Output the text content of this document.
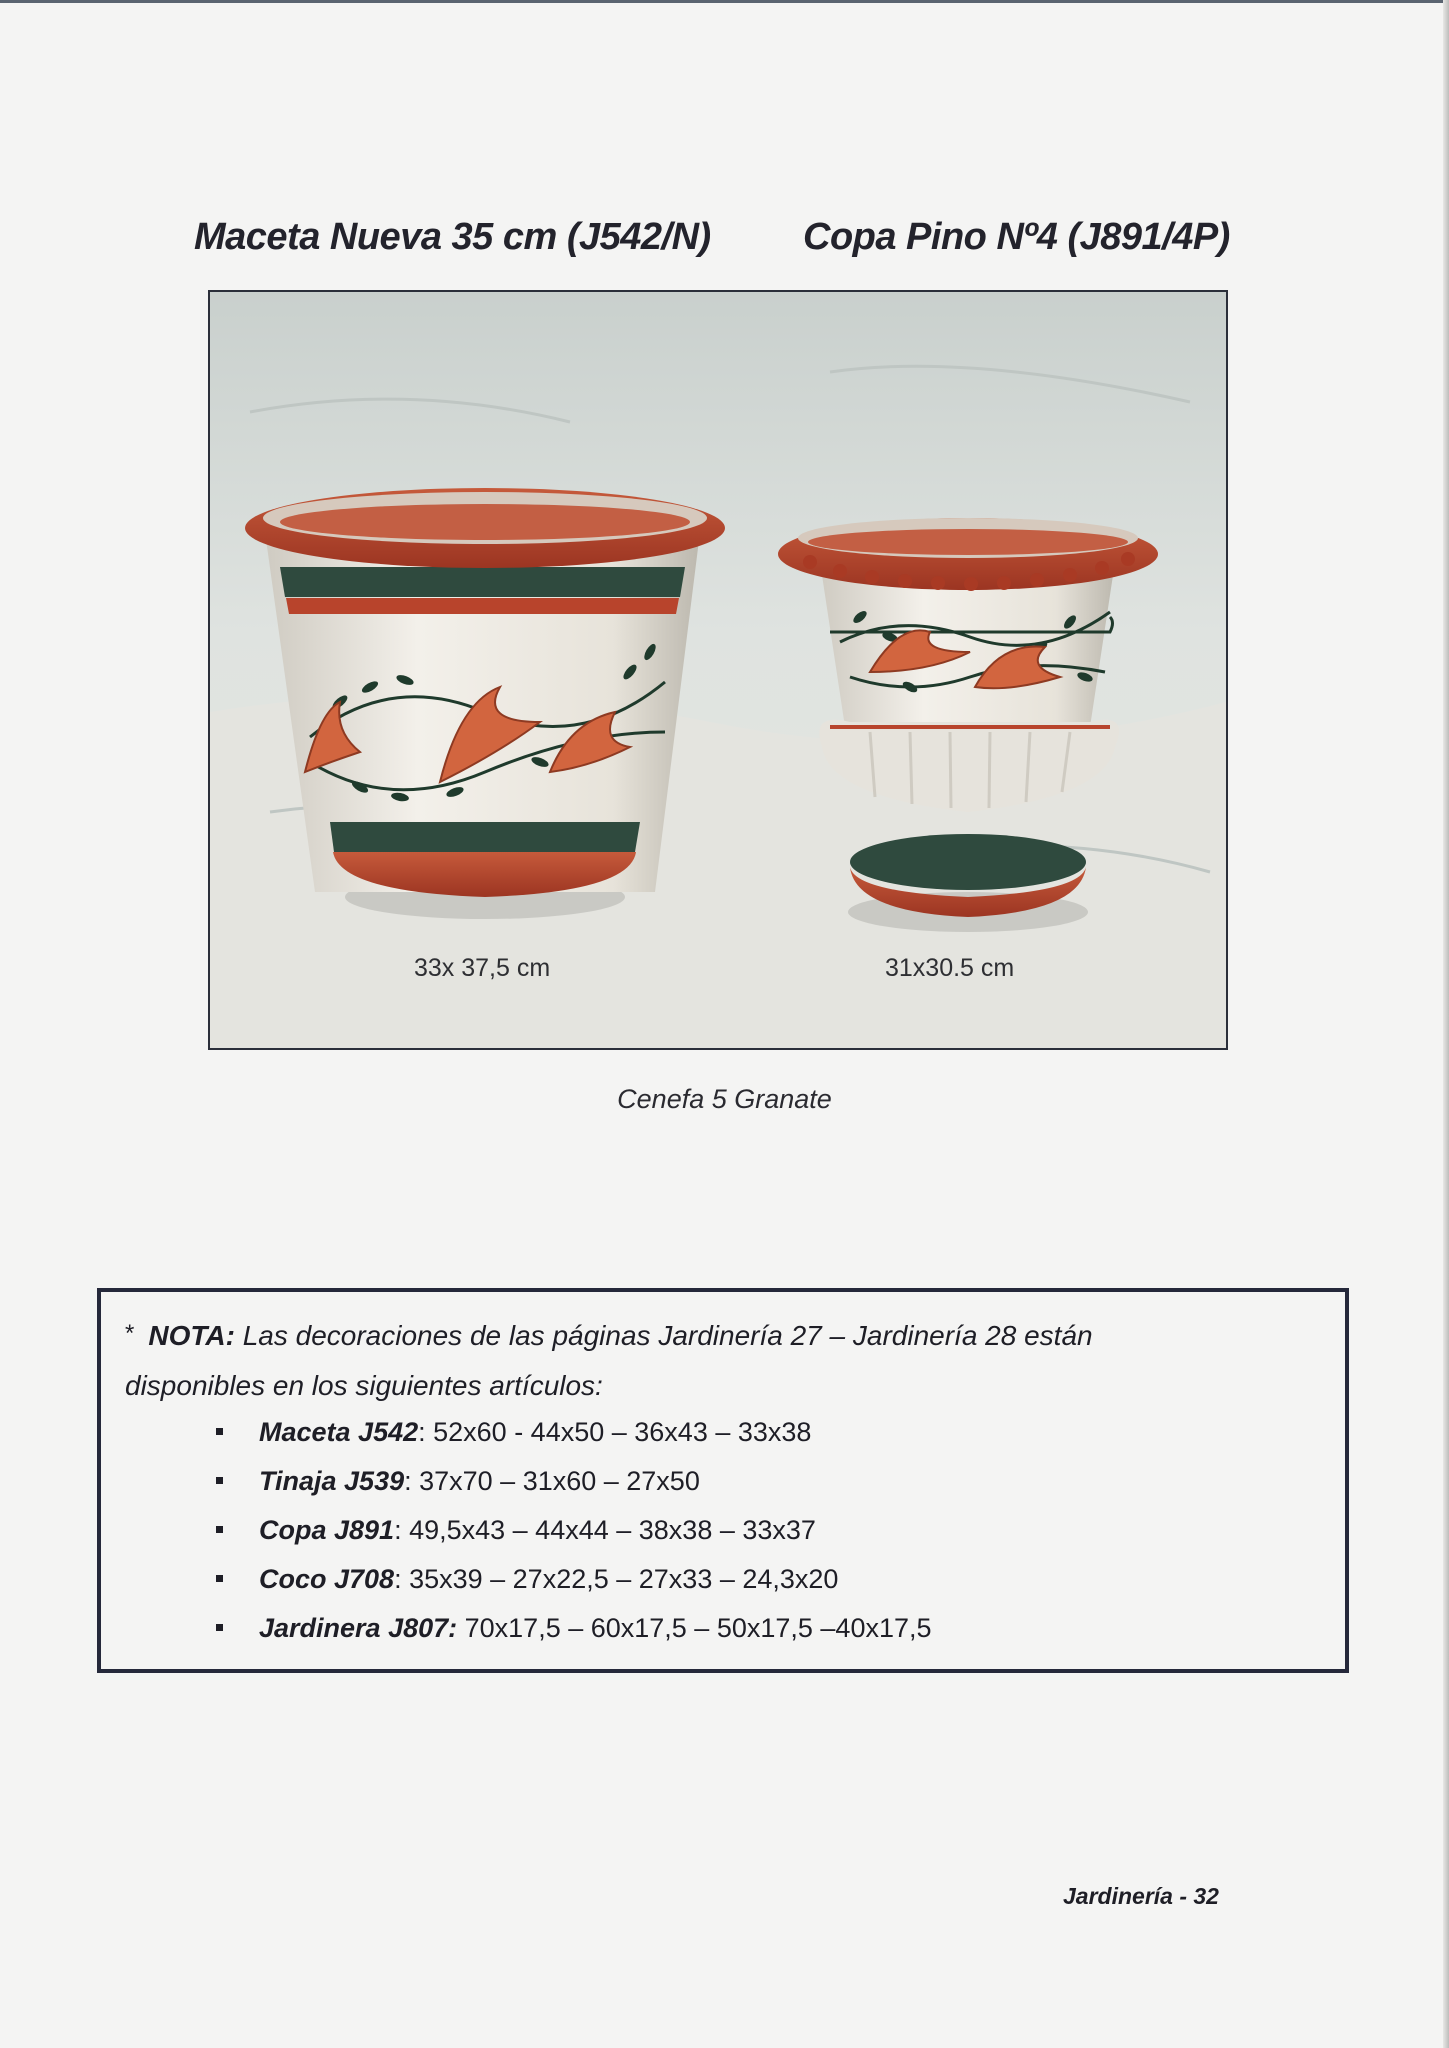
Maceta Nueva 35 cm (J542/N) Copa Pino Nº4 (J891/4P)
33x 37,5 cm	31x30.5 cm
Cenefa 5 Granate
* NOTA: Las decoraciones de las páginas Jardinería 27 – Jardinería 28 están
disponibles en los siguientes artículos:
Maceta J542: 52x60 - 44x50 – 36x43 – 33x38
Tinaja J539: 37x70 – 31x60 – 27x50
Copa J891: 49,5x43 – 44x44 – 38x38 – 33x37
Coco J708: 35x39 – 27x22,5 – 27x33 – 24,3x20
Jardinera J807: 70x17,5 – 60x17,5 – 50x17,5 –40x17,5
Jardinería - 32
